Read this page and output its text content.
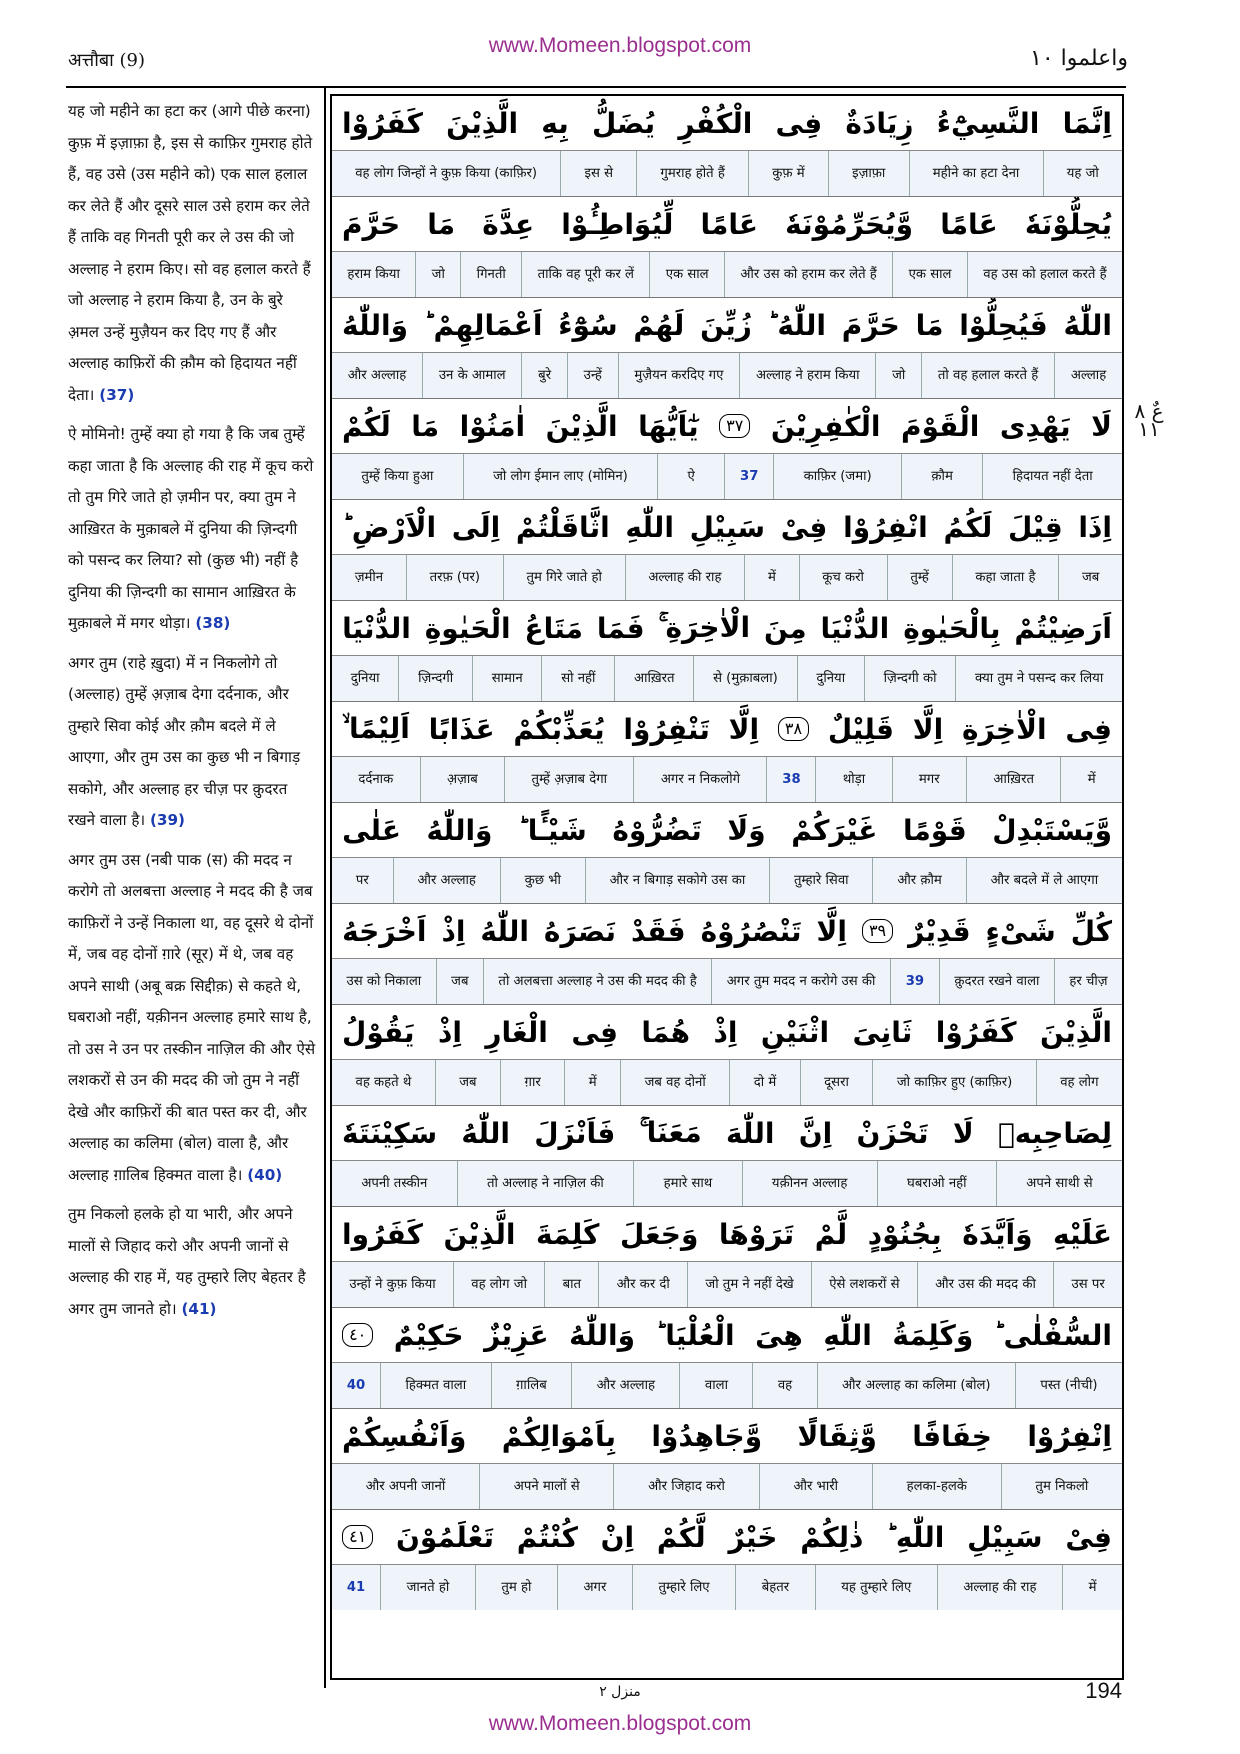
www.Momeen.blogspot.com
अत्तौबा (9)	واعلموا ١٠

यह जो महीने का हटा कर (आगे पीछे करना) कुफ़ में इज़ाफ़ा है, इस से काफ़िर गुमराह होते हैं, वह उसे (उस महीने को) एक साल हलाल कर लेते हैं और दूसरे साल उसे हराम कर लेते हैं ताकि वह गिनती पूरी कर ले उस की जो अल्लाह ने हराम किए। सो वह हलाल करते हैं जो अल्लाह ने हराम किया है, उन के बुरे अ़मल उन्हें मुज़ैयन कर दिए गए हैं और अल्लाह काफ़िरों की क़ौम को हिदायत नहीं देता। (37)

ऐ मोमिनो! तुम्हें क्या हो गया है कि जब तुम्हें कहा जाता है कि अल्लाह की राह में कूच करो तो तुम गिरे जाते हो ज़मीन पर, क्या तुम ने आख़िरत के मुक़ाबले में दुनिया की ज़िन्दगी को पसन्द कर लिया? सो (कुछ भी) नहीं है दुनिया की ज़िन्दगी का सामान आख़िरत के मुक़ाबले में मगर थोड़ा। (38)

अगर तुम (राहे ख़ुदा) में न निकलोगे तो (अल्लाह) तुम्हें अ़ज़ाब देगा दर्दनाक, और तुम्हारे सिवा कोई और क़ौम बदले में ले आएगा, और तुम उस का कुछ भी न बिगाड़ सकोगे, और अल्लाह हर चीज़ पर क़ुदरत रखने वाला है। (39)

अगर तुम उस (नबी पाक (स) की मदद न करोगे तो अलबत्ता अल्लाह ने मदद की है जब काफ़िरों ने उन्हें निकाला था, वह दूसरे थे दोनों में, जब वह दोनों ग़ारे (सूर) में थे, जब वह अपने साथी (अबू बक्र सिद्दीक़) से कहते थे, घबराओ नहीं, यक़ीनन अल्लाह हमारे साथ है, तो उस ने उन पर तस्कीन नाज़िल की और ऐसे लशकरों से उन की मदद की जो तुम ने नहीं देखे और काफ़िरों की बात पस्त कर दी, और अल्लाह का कलिमा (बोल) वाला है, और अल्लाह ग़ालिब हिक्मत वाला है। (40)

तुम निकलो हलके हो या भारी, और अपने मालों से जिहाद करो और अपनी जानों से अल्लाह की राह में, यह तुम्हारे लिए बेहतर है अगर तुम जानते हो। (41)

اِنَّمَا
النَّسِيْٓءُ
زِيَادَةٌ
فِى
الْكُفْرِ
يُضَلُّ
بِهِ
الَّذِيْنَ
كَفَرُوْا
यह जो
महीने का हटा देना
इज़ाफ़ा
कुफ़ में
गुमराह होते हैं
इस से
वह लोग जिन्हों ने कुफ़ किया (काफ़िर)
يُحِلُّوْنَهٗ
عَامًا
وَّيُحَرِّمُوْنَهٗ
عَامًا
لِّيُوَاطِـُٔوْا
عِدَّةَ
مَا
حَرَّمَ
वह उस को हलाल करते हैं
एक साल
और उस को हराम कर लेते हैं
एक साल
ताकि वह पूरी कर लें
गिनती
जो
हराम किया
اللّٰهُ
فَيُحِلُّوْا
مَا
حَرَّمَ
اللّٰهُ ؕ
زُيِّنَ
لَهُمْ
سُوْٓءُ
اَعْمَالِهِمْ ؕ
وَاللّٰهُ
अल्लाह
तो वह हलाल करते हैं
जो
अल्लाह ने हराम किया
मुज़ैयन करदिए गए
उन्हें
बुरे
उन के आमाल
और अल्लाह
لَا
يَهْدِى
الْقَوْمَ
الْكٰفِرِيْنَ
٣٧
يٰٓاَيُّهَا
الَّذِيْنَ
اٰمَنُوْا
مَا
لَكُمْ
हिदायत नहीं देता
क़ौम
काफ़िर (जमा)
37
ऐ
जो लोग ईमान लाए (मोमिन)
तुम्हें किया हुआ
اِذَا
قِيْلَ
لَكُمُ
انْفِرُوْا
فِىْ
سَبِيْلِ
اللّٰهِ
اثَّاقَلْتُمْ
اِلَى
الْاَرْضِ ؕ
जब
कहा जाता है
तुम्हें
कूच करो
में
अल्लाह की राह
तुम गिरे जाते हो
तरफ़ (पर)
ज़मीन
اَرَضِيْتُمْ
بِالْحَيٰوةِ
الدُّنْيَا
مِنَ
الْاٰخِرَةِ ۚ
فَمَا
مَتَاعُ
الْحَيٰوةِ
الدُّنْيَا
क्या तुम ने पसन्द कर लिया
ज़िन्दगी को
दुनिया
से (मुक़ाबला)
आख़िरत
सो नहीं
सामान
ज़िन्दगी
दुनिया
فِى
الْاٰخِرَةِ
اِلَّا
قَلِيْلٌ
٣٨
اِلَّا
تَنْفِرُوْا
يُعَذِّبْكُمْ
عَذَابًا
اَلِيْمًا ۙ
में
आख़िरत
मगर
थोड़ा
38
अगर न निकलोगे
तुम्हें अ़ज़ाब देगा
अ़ज़ाब
दर्दनाक
وَّيَسْتَبْدِلْ
قَوْمًا
غَيْرَكُمْ
وَلَا
تَضُرُّوْهُ
شَيْـًٔا ؕ
وَاللّٰهُ
عَلٰى
और बदले में ले आएगा
और क़ौम
तुम्हारे सिवा
और न बिगाड़ सकोगे उस का
कुछ भी
और अल्लाह
पर
كُلِّ
شَىْءٍ
قَدِيْرٌ
٣٩
اِلَّا
تَنْصُرُوْهُ
فَقَدْ
نَصَرَهُ
اللّٰهُ
اِذْ
اَخْرَجَهُ
हर चीज़
क़ुदरत रखने वाला
39
अगर तुम मदद न करोगे उस की
तो अलबत्ता अल्लाह ने उस की मदद की है
जब
उस को निकाला
الَّذِيْنَ
كَفَرُوْا
ثَانِىَ
اثْنَيْنِ
اِذْ
هُمَا
فِى
الْغَارِ
اِذْ
يَقُوْلُ
वह लोग
जो काफ़िर हुए (काफ़िर)
दूसरा
दो में
जब वह दोनों
में
ग़ार
जब
वह कहते थे
لِصَاحِبِهٖ
لَا
تَحْزَنْ
اِنَّ
اللّٰهَ
مَعَنَا ۚ
فَاَنْزَلَ
اللّٰهُ
سَكِيْنَتَهٗ
अपने साथी से
घबराओ नहीं
यक़ीनन अल्लाह
हमारे साथ
तो अल्लाह ने नाज़िल की
अपनी तस्कीन
عَلَيْهِ
وَاَيَّدَهٗ
بِجُنُوْدٍ
لَّمْ
تَرَوْهَا
وَجَعَلَ
كَلِمَةَ
الَّذِيْنَ
كَفَرُوا
उस पर
और उस की मदद की
ऐसे लशकरों से
जो तुम ने नहीं देखे
और कर दी
बात
वह लोग जो
उन्हों ने कुफ़ किया
السُّفْلٰى ؕ
وَكَلِمَةُ
اللّٰهِ
هِىَ
الْعُلْيَا ؕ
وَاللّٰهُ
عَزِيْزٌ
حَكِيْمٌ
٤٠
पस्त (नीची)
और अल्लाह का कलिमा (बोल)
वह
वाला
और अल्लाह
ग़ालिब
हिक्मत वाला
40
اِنْفِرُوْا
خِفَافًا
وَّثِقَالًا
وَّجَاهِدُوْا
بِاَمْوَالِكُمْ
وَاَنْفُسِكُمْ
तुम निकलो
हलका-हलके
और भारी
और जिहाद करो
अपने मालों से
और अपनी जानों
فِىْ
سَبِيْلِ
اللّٰهِ ؕ
ذٰلِكُمْ
خَيْرٌ
لَّكُمْ
اِنْ
كُنْتُمْ
تَعْلَمُوْنَ
٤١
में
अल्लाह की राह
यह तुम्हारे लिए
बेहतर
तुम्हारे लिए
अगर
तुम हो
जानते हो
41
عٌ ٨ ١١
منزل ٢	194
www.Momeen.blogspot.com
